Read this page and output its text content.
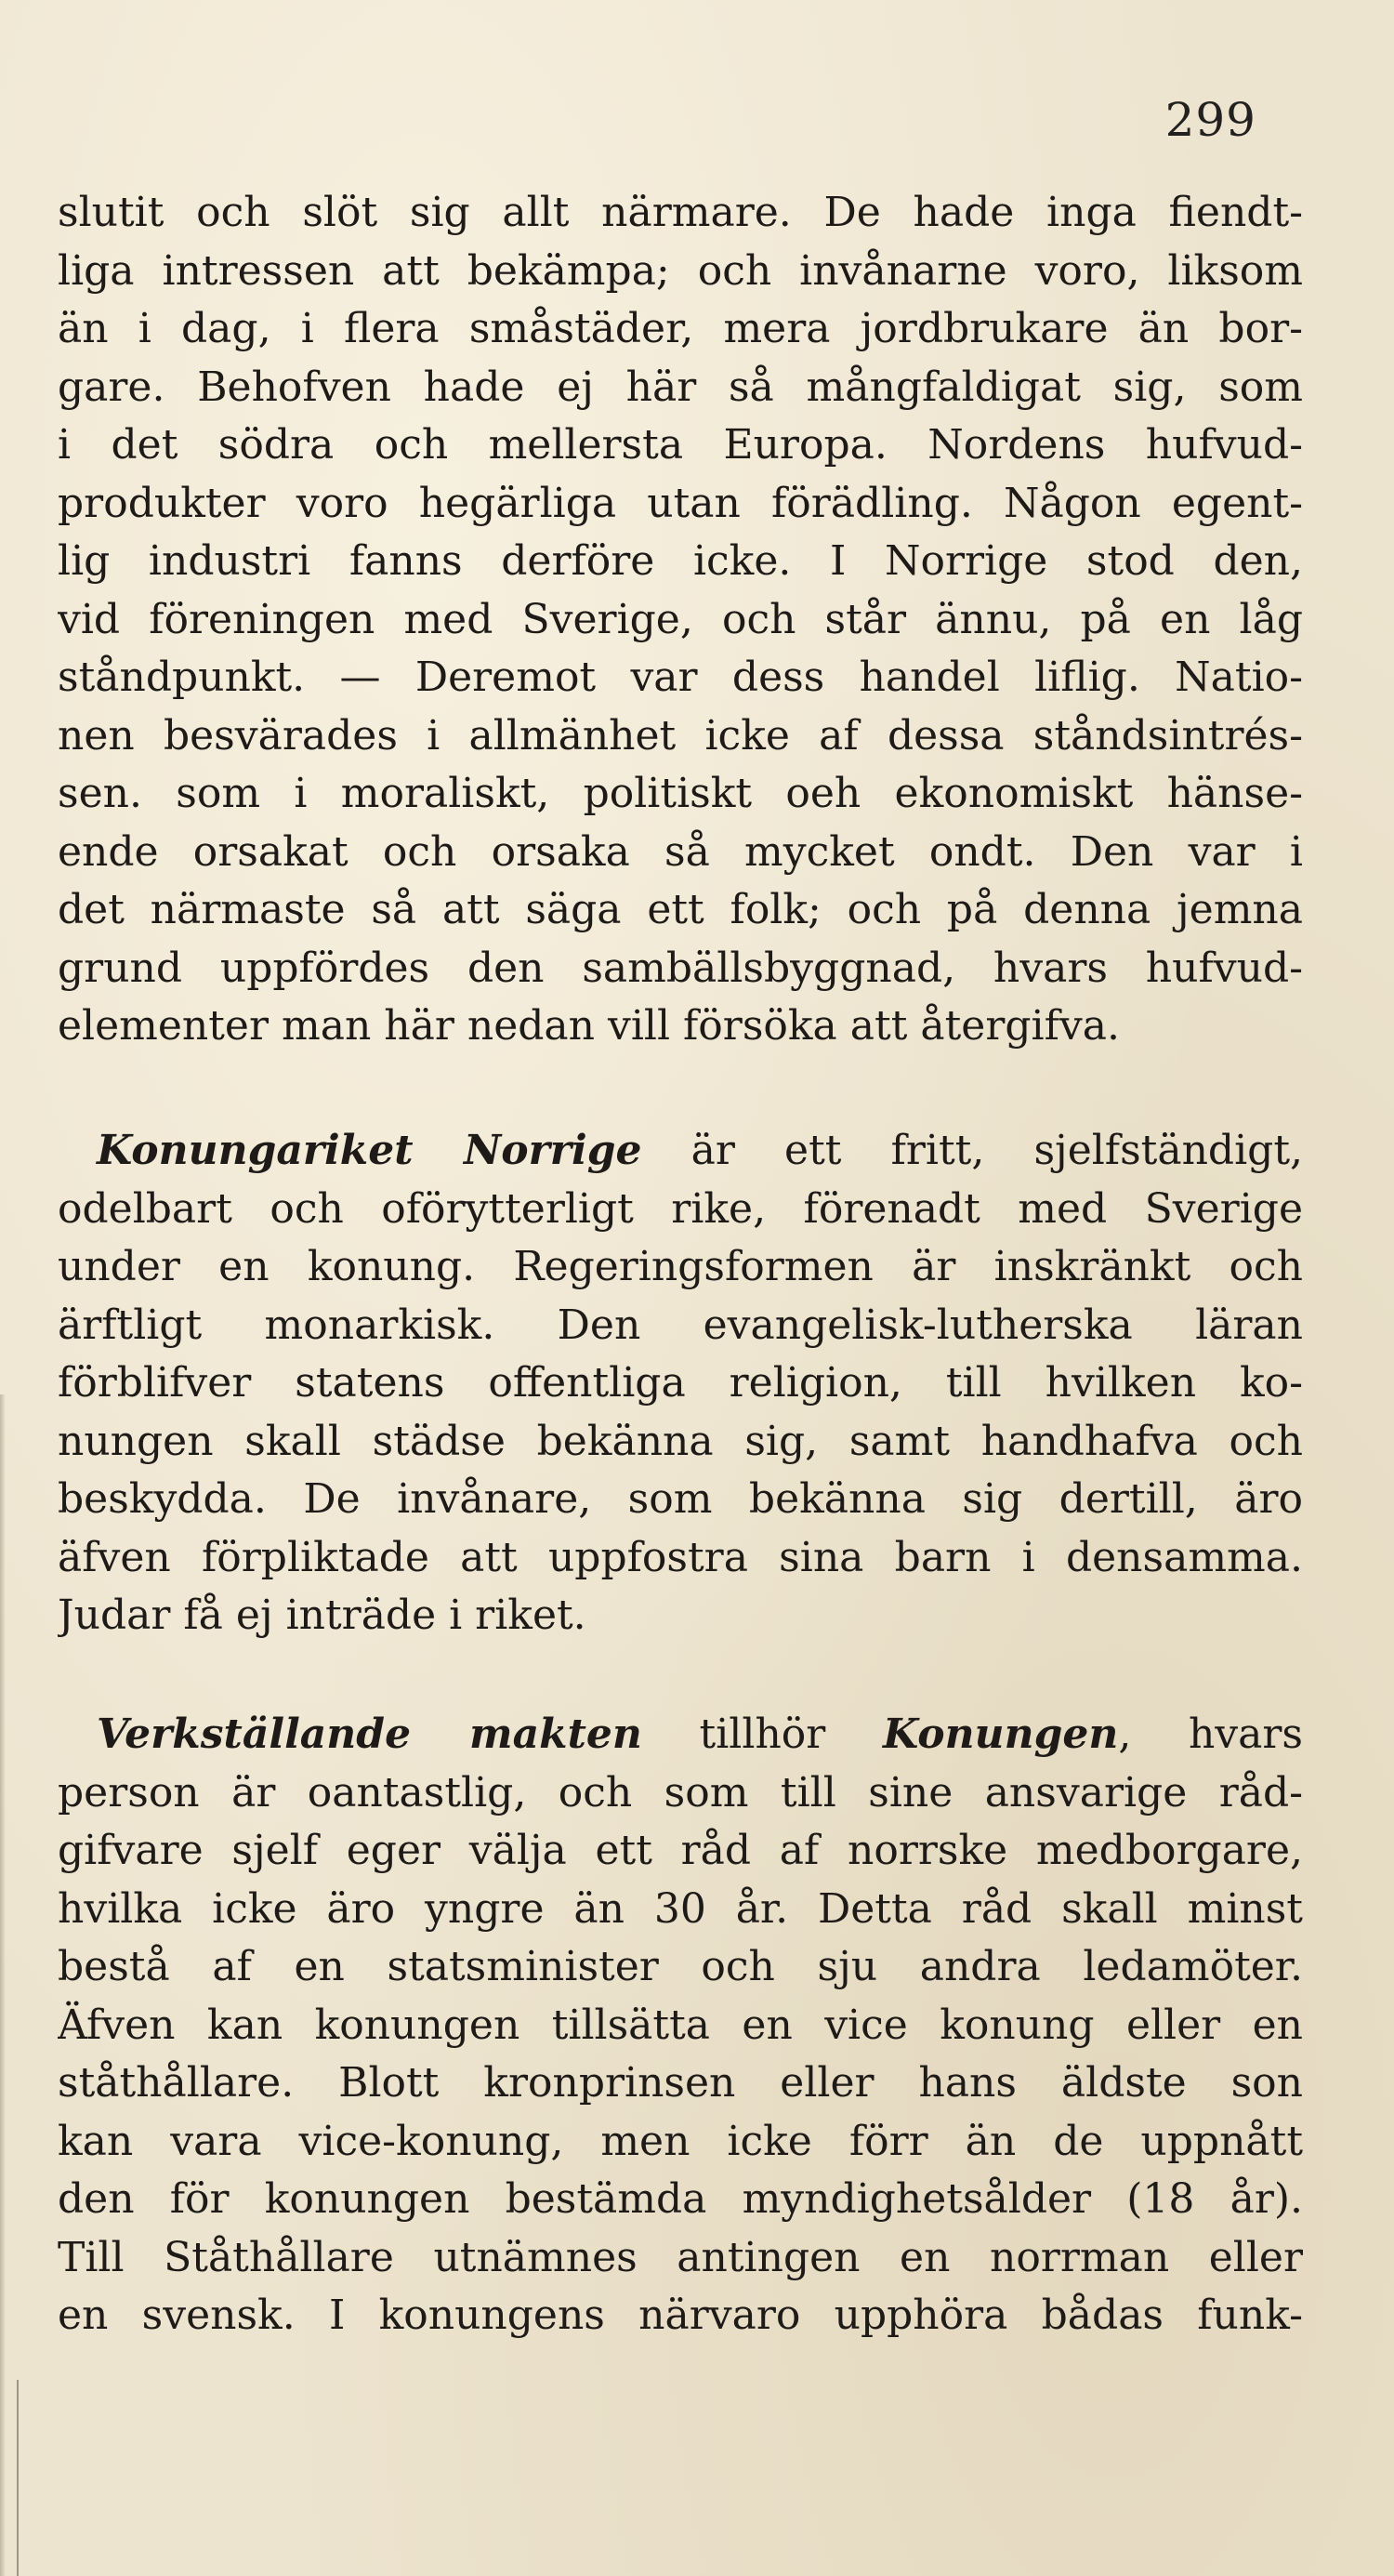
299
slutit och slöt sig allt närmare. De hade inga fiendt-
liga intressen att bekämpa; och invånarne voro, liksom
än i dag, i flera småstäder, mera jordbrukare än bor-
gare. Behofven hade ej här så mångfaldigat sig, som
i det södra och mellersta Europa. Nordens hufvud-
produkter voro hegärliga utan förädling. Någon egent-
lig industri fanns derföre icke. I Norrige stod den,
vid föreningen med Sverige, och står ännu, på en låg
ståndpunkt. — Deremot var dess handel liflig. Natio-
nen besvärades i allmänhet icke af dessa ståndsintrés-
sen. som i moraliskt, politiskt oeh ekonomiskt hänse-
ende orsakat och orsaka så mycket ondt. Den var i
det närmaste så att säga ett folk; och på denna jemna
grund uppfördes den sambällsbyggnad, hvars hufvud-
elementer man här nedan vill försöka att återgifva.
Konungariket Norrige är ett fritt, sjelfständigt,
odelbart och oförytterligt rike, förenadt med Sverige
under en konung. Regeringsformen är inskränkt och
ärftligt monarkisk. Den evangelisk-lutherska läran
förblifver statens offentliga religion, till hvilken ko-
nungen skall städse bekänna sig, samt handhafva och
beskydda. De invånare, som bekänna sig dertill, äro
äfven förpliktade att uppfostra sina barn i densamma.
Judar få ej inträde i riket.
Verkställande makten tillhör Konungen, hvars
person är oantastlig, och som till sine ansvarige råd-
gifvare sjelf eger välja ett råd af norrske medborgare,
hvilka icke äro yngre än 30 år. Detta råd skall minst
bestå af en statsminister och sju andra ledamöter.
Äfven kan konungen tillsätta en vice konung eller en
ståthållare. Blott kronprinsen eller hans äldste son
kan vara vice-konung, men icke förr än de uppnått
den för konungen bestämda myndighetsålder (18 år).
Till Ståthållare utnämnes antingen en norrman eller
en svensk. I konungens närvaro upphöra bådas funk-
